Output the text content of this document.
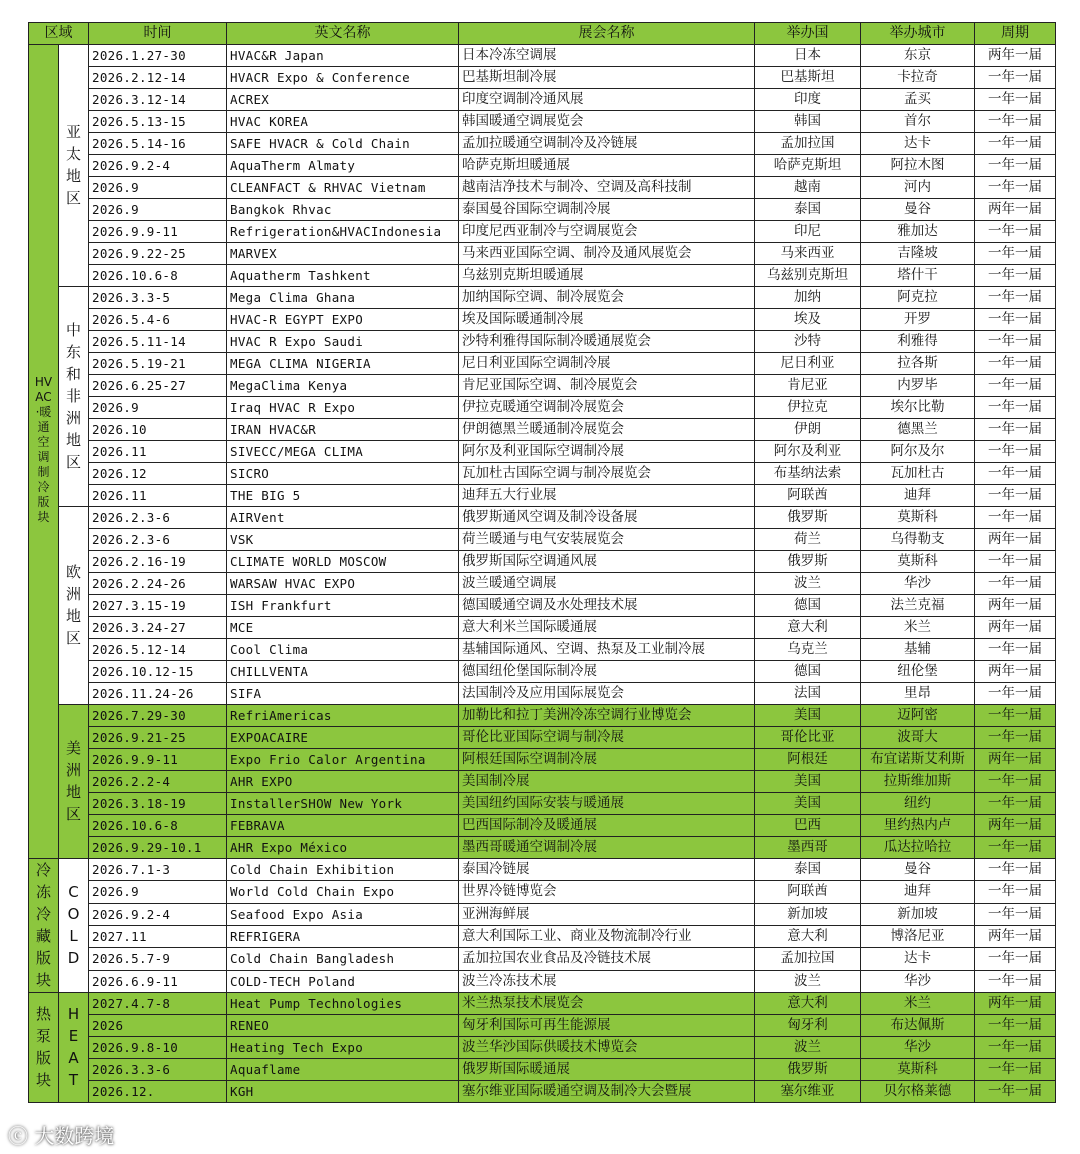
区域		时间	英文名称	展会名称	举办国	举办城市	周期
HVAC·暖通空调制冷版块	亚太地区	2026.1.27-30	HVAC&R Japan	日本冷冻空调展	日本	东京	两年一届
		2026.2.12-14	HVACR Expo & Conference	巴基斯坦制冷展	巴基斯坦	卡拉奇	一年一届
		2026.3.12-14	ACREX	印度空调制冷通风展	印度	孟买	一年一届
		2026.5.13-15	HVAC KOREA	韩国暖通空调展览会	韩国	首尔	一年一届
		2026.5.14-16	SAFE HVACR & Cold Chain	孟加拉暖通空调制冷及冷链展	孟加拉国	达卡	一年一届
		2026.9.2-4	AquaTherm Almaty	哈萨克斯坦暖通展	哈萨克斯坦	阿拉木图	一年一届
		2026.9	CLEANFACT & RHVAC Vietnam	越南洁净技术与制冷、空调及高科技制	越南	河内	一年一届
		2026.9	Bangkok Rhvac	泰国曼谷国际空调制冷展	泰国	曼谷	两年一届
		2026.9.9-11	Refrigeration&HVACIndonesia	印度尼西亚制冷与空调展览会	印尼	雅加达	一年一届
		2026.9.22-25	MARVEX	马来西亚国际空调、制冷及通风展览会	马来西亚	吉隆坡	一年一届
		2026.10.6-8	Aquatherm Tashkent	乌兹别克斯坦暖通展	乌兹别克斯坦	塔什干	一年一届
	中东和非洲地区	2026.3.3-5	Mega Clima Ghana	加纳国际空调、制冷展览会	加纳	阿克拉	一年一届
		2026.5.4-6	HVAC-R EGYPT EXPO	埃及国际暖通制冷展	埃及	开罗	一年一届
		2026.5.11-14	HVAC R Expo Saudi	沙特利雅得国际制冷暖通展览会	沙特	利雅得	一年一届
		2026.5.19-21	MEGA CLIMA NIGERIA	尼日利亚国际空调制冷展	尼日利亚	拉各斯	一年一届
		2026.6.25-27	MegaClima Kenya	肯尼亚国际空调、制冷展览会	肯尼亚	内罗毕	一年一届
		2026.9	Iraq HVAC R Expo	伊拉克暖通空调制冷展览会	伊拉克	埃尔比勒	一年一届
		2026.10	IRAN HVAC&R	伊朗德黑兰暖通制冷展览会	伊朗	德黑兰	一年一届
		2026.11	SIVECC/MEGA CLIMA	阿尔及利亚国际空调制冷展	阿尔及利亚	阿尔及尔	一年一届
		2026.12	SICRO	瓦加杜古国际空调与制冷展览会	布基纳法索	瓦加杜古	一年一届
		2026.11	THE BIG 5	迪拜五大行业展	阿联酋	迪拜	一年一届
	欧洲地区	2026.2.3-6	AIRVent	俄罗斯通风空调及制冷设备展	俄罗斯	莫斯科	一年一届
		2026.2.3-6	VSK	荷兰暖通与电气安装展览会	荷兰	乌得勒支	两年一届
		2026.2.16-19	CLIMATE WORLD MOSCOW	俄罗斯国际空调通风展	俄罗斯	莫斯科	一年一届
		2026.2.24-26	WARSAW HVAC EXPO	波兰暖通空调展	波兰	华沙	一年一届
		2027.3.15-19	ISH Frankfurt	德国暖通空调及水处理技术展	德国	法兰克福	两年一届
		2026.3.24-27	MCE	意大利米兰国际暖通展	意大利	米兰	两年一届
		2026.5.12-14	Cool Clima	基辅国际通风、空调、热泵及工业制冷展	乌克兰	基辅	一年一届
		2026.10.12-15	CHILLVENTA	德国纽伦堡国际制冷展	德国	纽伦堡	两年一届
		2026.11.24-26	SIFA	法国制冷及应用国际展览会	法国	里昂	一年一届
	美洲地区	2026.7.29-30	RefriAmericas	加勒比和拉丁美洲冷冻空调行业博览会	美国	迈阿密	一年一届
		2026.9.21-25	EXPOACAIRE	哥伦比亚国际空调与制冷展	哥伦比亚	波哥大	一年一届
		2026.9.9-11	Expo Frio Calor Argentina	阿根廷国际空调制冷展	阿根廷	布宜诺斯艾利斯	两年一届
		2026.2.2-4	AHR EXPO	美国制冷展	美国	拉斯维加斯	一年一届
		2026.3.18-19	InstallerSHOW New York	美国纽约国际安装与暖通展	美国	纽约	一年一届
		2026.10.6-8	FEBRAVA	巴西国际制冷及暖通展	巴西	里约热内卢	两年一届
		2026.9.29-10.1	AHR Expo México	墨西哥暖通空调制冷展	墨西哥	瓜达拉哈拉	一年一届
冷冻冷藏版块	COLD	2026.7.1-3	Cold Chain Exhibition	泰国冷链展	泰国	曼谷	一年一届
		2026.9	World Cold Chain Expo	世界冷链博览会	阿联酋	迪拜	一年一届
		2026.9.2-4	Seafood Expo Asia	亚洲海鲜展	新加坡	新加坡	一年一届
		2027.11	REFRIGERA	意大利国际工业、商业及物流制冷行业	意大利	博洛尼亚	两年一届
		2026.5.7-9	Cold Chain Bangladesh	孟加拉国农业食品及冷链技术展	孟加拉国	达卡	一年一届
		2026.6.9-11	COLD-TECH Poland	波兰冷冻技术展	波兰	华沙	一年一届
热泵版块	HEAT	2027.4.7-8	Heat Pump Technologies	米兰热泵技术展览会	意大利	米兰	两年一届
		2026	RENEO	匈牙利国际可再生能源展	匈牙利	布达佩斯	一年一届
		2026.9.8-10	Heating Tech Expo	波兰华沙国际供暖技术博览会	波兰	华沙	一年一届
		2026.3.3-6	Aquaflame	俄罗斯国际暖通展	俄罗斯	莫斯科	一年一届
		2026.12.	KGH	塞尔维亚国际暖通空调及制冷大会暨展	塞尔维亚	贝尔格莱德	一年一届
ⓒ 大数跨境
